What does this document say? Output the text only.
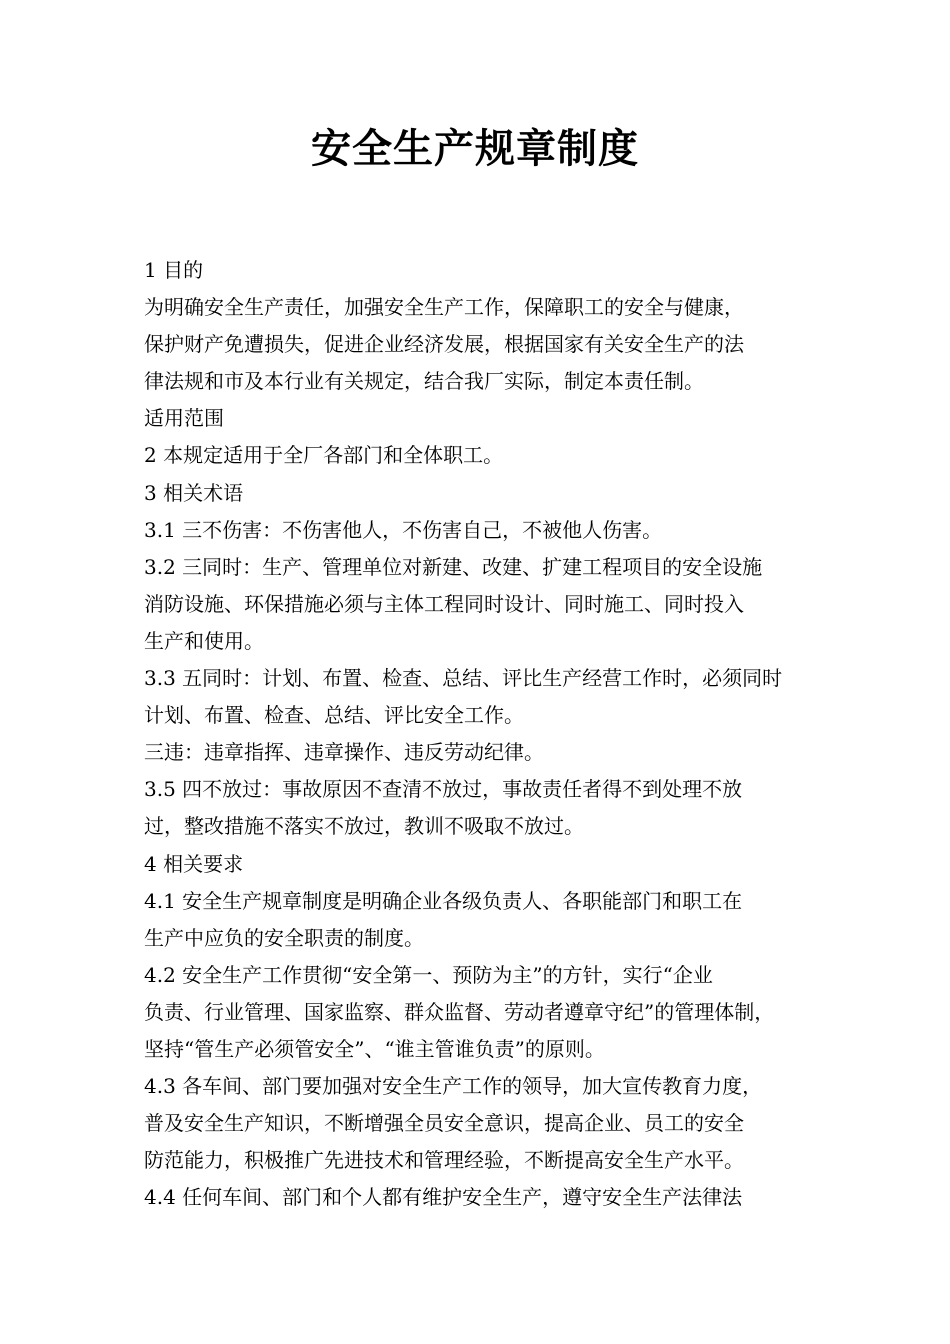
安全生产规章制度

1 目的

为明确安全生产责任，加强安全生产工作，保障职工的安全与健康，

保护财产免遭损失，促进企业经济发展，根据国家有关安全生产的法

律法规和市及本行业有关规定，结合我厂实际，制定本责任制。

适用范围

2 本规定适用于全厂各部门和全体职工。

3 相关术语

3.1 三不伤害：不伤害他人，不伤害自己，不被他人伤害。

3.2 三同时：生产、管理单位对新建、改建、扩建工程项目的安全设施

消防设施、环保措施必须与主体工程同时设计、同时施工、同时投入

生产和使用。

3.3 五同时：计划、布置、检查、总结、评比生产经营工作时，必须同时

计划、布置、检查、总结、评比安全工作。

三违：违章指挥、违章操作、违反劳动纪律。

3.5 四不放过：事故原因不查清不放过，事故责任者得不到处理不放

过，整改措施不落实不放过，教训不吸取不放过。

4 相关要求

4.1 安全生产规章制度是明确企业各级负责人、各职能部门和职工在

生产中应负的安全职责的制度。

4.2 安全生产工作贯彻“安全第一、预防为主”的方针，实行“企业

负责、行业管理、国家监察、群众监督、劳动者遵章守纪”的管理体制，

坚持“管生产必须管安全”、“谁主管谁负责”的原则。

4.3 各车间、部门要加强对安全生产工作的领导，加大宣传教育力度，

普及安全生产知识，不断增强全员安全意识，提高企业、员工的安全

防范能力，积极推广先进技术和管理经验，不断提高安全生产水平。

4.4 任何车间、部门和个人都有维护安全生产，遵守安全生产法律法
